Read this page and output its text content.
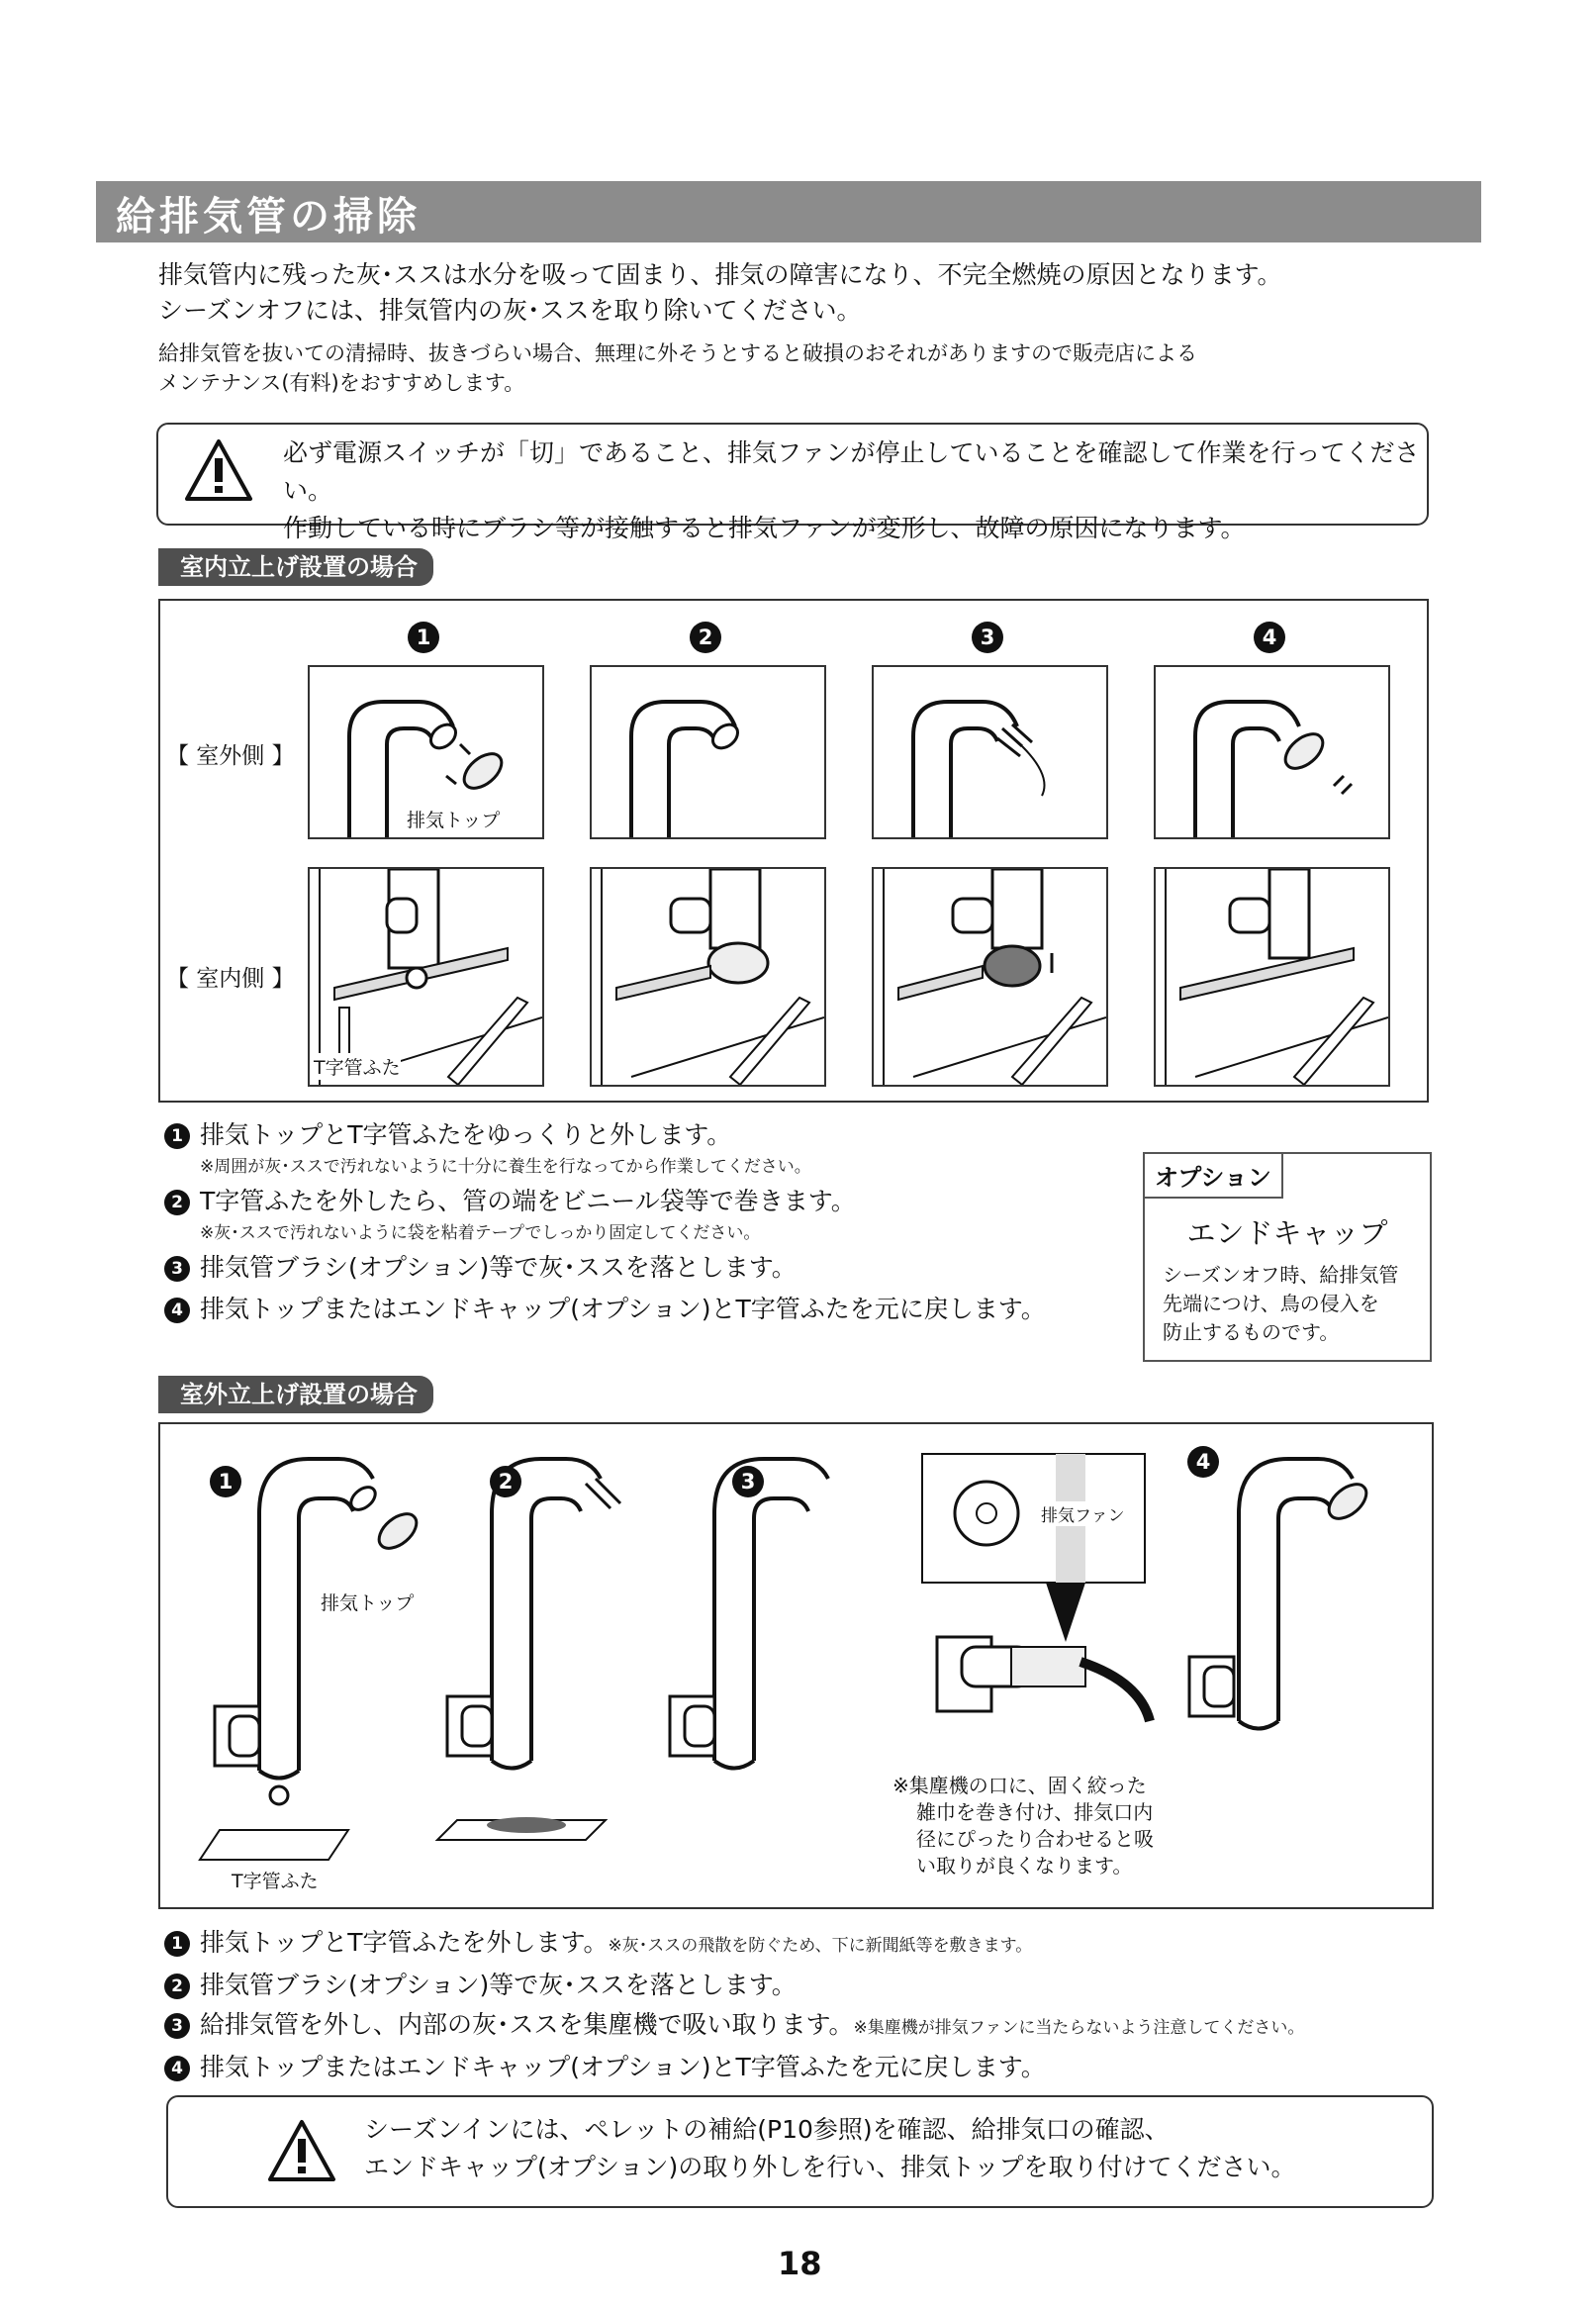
給排気管の掃除
排気管内に残った灰･ススは水分を吸って固まり、排気の障害になり、不完全燃焼の原因となります。
シーズンオフには、排気管内の灰･ススを取り除いてください。
給排気管を抜いての清掃時、抜きづらい場合、無理に外そうとすると破損のおそれがありますので販売店による
メンテナンス(有料)をおすすめします。
必ず電源スイッチが「切」であること、排気ファンが停止していることを確認して作業を行ってください。
作動している時にブラシ等が接触すると排気ファンが変形し、故障の原因になります。
室内立上げ設置の場合
1	2	3	4
【 室外側 】
【 室内側 】
排気トップ
T字管ふた
1 排気トップとT字管ふたをゆっくりと外します。
※周囲が灰･ススで汚れないように十分に養生を行なってから作業してください。
2 T字管ふたを外したら、管の端をビニール袋等で巻きます。
※灰･ススで汚れないように袋を粘着テープでしっかり固定してください。
3 排気管ブラシ(オプション)等で灰･ススを落とします。
4 排気トップまたはエンドキャップ(オプション)とT字管ふたを元に戻します。
オプション
エンドキャップ
シーズンオフ時、給排気管
先端につけ、鳥の侵入を
防止するものです。
室外立上げ設置の場合
1	2	3
4
排気トップ
T字管ふた
排気ファン
※集塵機の口に、固く絞った
雑巾を巻き付け、排気口内
径にぴったり合わせると吸
い取りが良くなります。
1 排気トップとT字管ふたを外します。※灰･ススの飛散を防ぐため、下に新聞紙等を敷きます。
2 排気管ブラシ(オプション)等で灰･ススを落とします。
3 給排気管を外し、内部の灰･ススを集塵機で吸い取ります。※集塵機が排気ファンに当たらないよう注意してください。
4 排気トップまたはエンドキャップ(オプション)とT字管ふたを元に戻します。
シーズンインには、ペレットの補給(P10参照)を確認、給排気口の確認、
エンドキャップ(オプション)の取り外しを行い、排気トップを取り付けてください。
18
